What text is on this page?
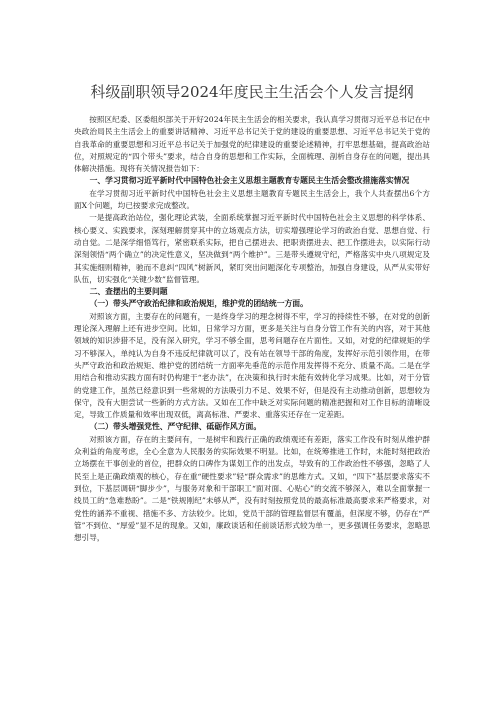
科级副职领导2024年度民主生活会个人发言提纲

按照区纪委、区委组织部关于开好2024年民主生活会的相关要求，我认真学习贯彻习近平总书记在中央政治局民主生活会上的重要讲话精神、习近平总书记关于党的建设的重要思想、习近平总书记关于党的自我革命的重要思想和习近平总书记关于加强党的纪律建设的重要论述精神，打牢思想基础，提高政治站位，对照规定的“四个带头”要求，结合自身的思想和工作实际，全面梳理、剖析自身存在的问题，提出具体解决措施。现将有关情况报告如下：

一、学习贯彻习近平新时代中国特色社会主义思想主题教育专题民主生活会整改措施落实情况

在学习贯彻习近平新时代中国特色社会主义思想主题教育专题民主生活会上，我个人共查摆出6个方面X个问题，均已按要求完成整改。

一是提高政治站位，强化理论武装，全面系统掌握习近平新时代中国特色社会主义思想的科学体系、核心要义、实践要求，深刻理解贯穿其中的立场观点方法，切实增强理论学习的政治自觉、思想自觉、行动自觉。二是深学细悟笃行，紧密联系实际，把自己摆进去、把职责摆进去、把工作摆进去，以实际行动深刻领悟“两个确立”的决定性意义，坚决做到“两个维护”。三是带头遵规守纪，严格落实中央八项规定及其实施细则精神，驰而不息纠“四风”树新风，紧盯突出问题深化专项整治，加强自身建设，从严从实带好队伍，切实强化“关键少数”监督管理。

二、查摆出的主要问题

（一）带头严守政治纪律和政治规矩，维护党的团结统一方面。

对照该方面，主要存在的问题有，一是终身学习的理念树得不牢，学习的持续性不够，在对党的创新理论深入理解上还有进步空间。比如，日常学习方面，更多是关注与自身分管工作有关的内容，对于其他领域的知识涉猎不足，没有深入研究，学习不够全面，思考问题存在片面性。又如，对党的纪律规矩的学习不够深入，单纯认为自身不违反纪律就可以了，没有站在领导干部的角度，发挥好示范引领作用，在带头严守政治和政治规矩、维护党的团结统一方面率先垂范的示范作用发挥得不充分、质量不高。二是在学用结合和推动实践方面有时仍构建于“老办法”，在决策和执行时未能有效转化学习成果。比如，对于分管的党建工作，虽然已经意识到一些常规的方法吸引力不足、效果不好，但是没有主动推动创新，思想较为保守，没有大胆尝试一些新的方式方法。又如在工作中缺乏对实际问题的精准把握和对工作目标的清晰设定，导致工作质量和效率出现双低，离高标准、严要求、重落实还存在一定差距。

（二）带头增强党性、严守纪律、砥砺作风方面。

对照该方面，存在的主要问有，一是树牢和践行正确的政绩观还有差距，落实工作没有时刻从维护群众利益的角度考虑，全心全意为人民服务的实际效果不明显。比如，在统筹推进工作时，未能时刻把政治立场摆在干事创业的首位，把群众的口碑作为谋划工作的出发点，导致有的工作政治性不够强，忽略了人民至上是正确政绩观的核心，存在重“硬性要求”轻“群众需求”的思维方式。又如，“四下”基层要求落实不到位，下基层调研“脚步少”，与服务对象和干部职工“面对面、心贴心”的交流不够深入，难以全面掌握一线员工的“急难愁盼”。二是“铁规刚纪”未够从严，没有时刻按照党员的最高标准最高要求来严格要求，对党性的涵养不重视、措施不多、方法较少。比如，党员干部的管理监督层有覆盖，但深度不够，仍存在“严管”不到位、“厚爱”显不足的现象。又如，廉政谈话和任前谈话形式较为单一，更多强调任务要求，忽略思想引导，
